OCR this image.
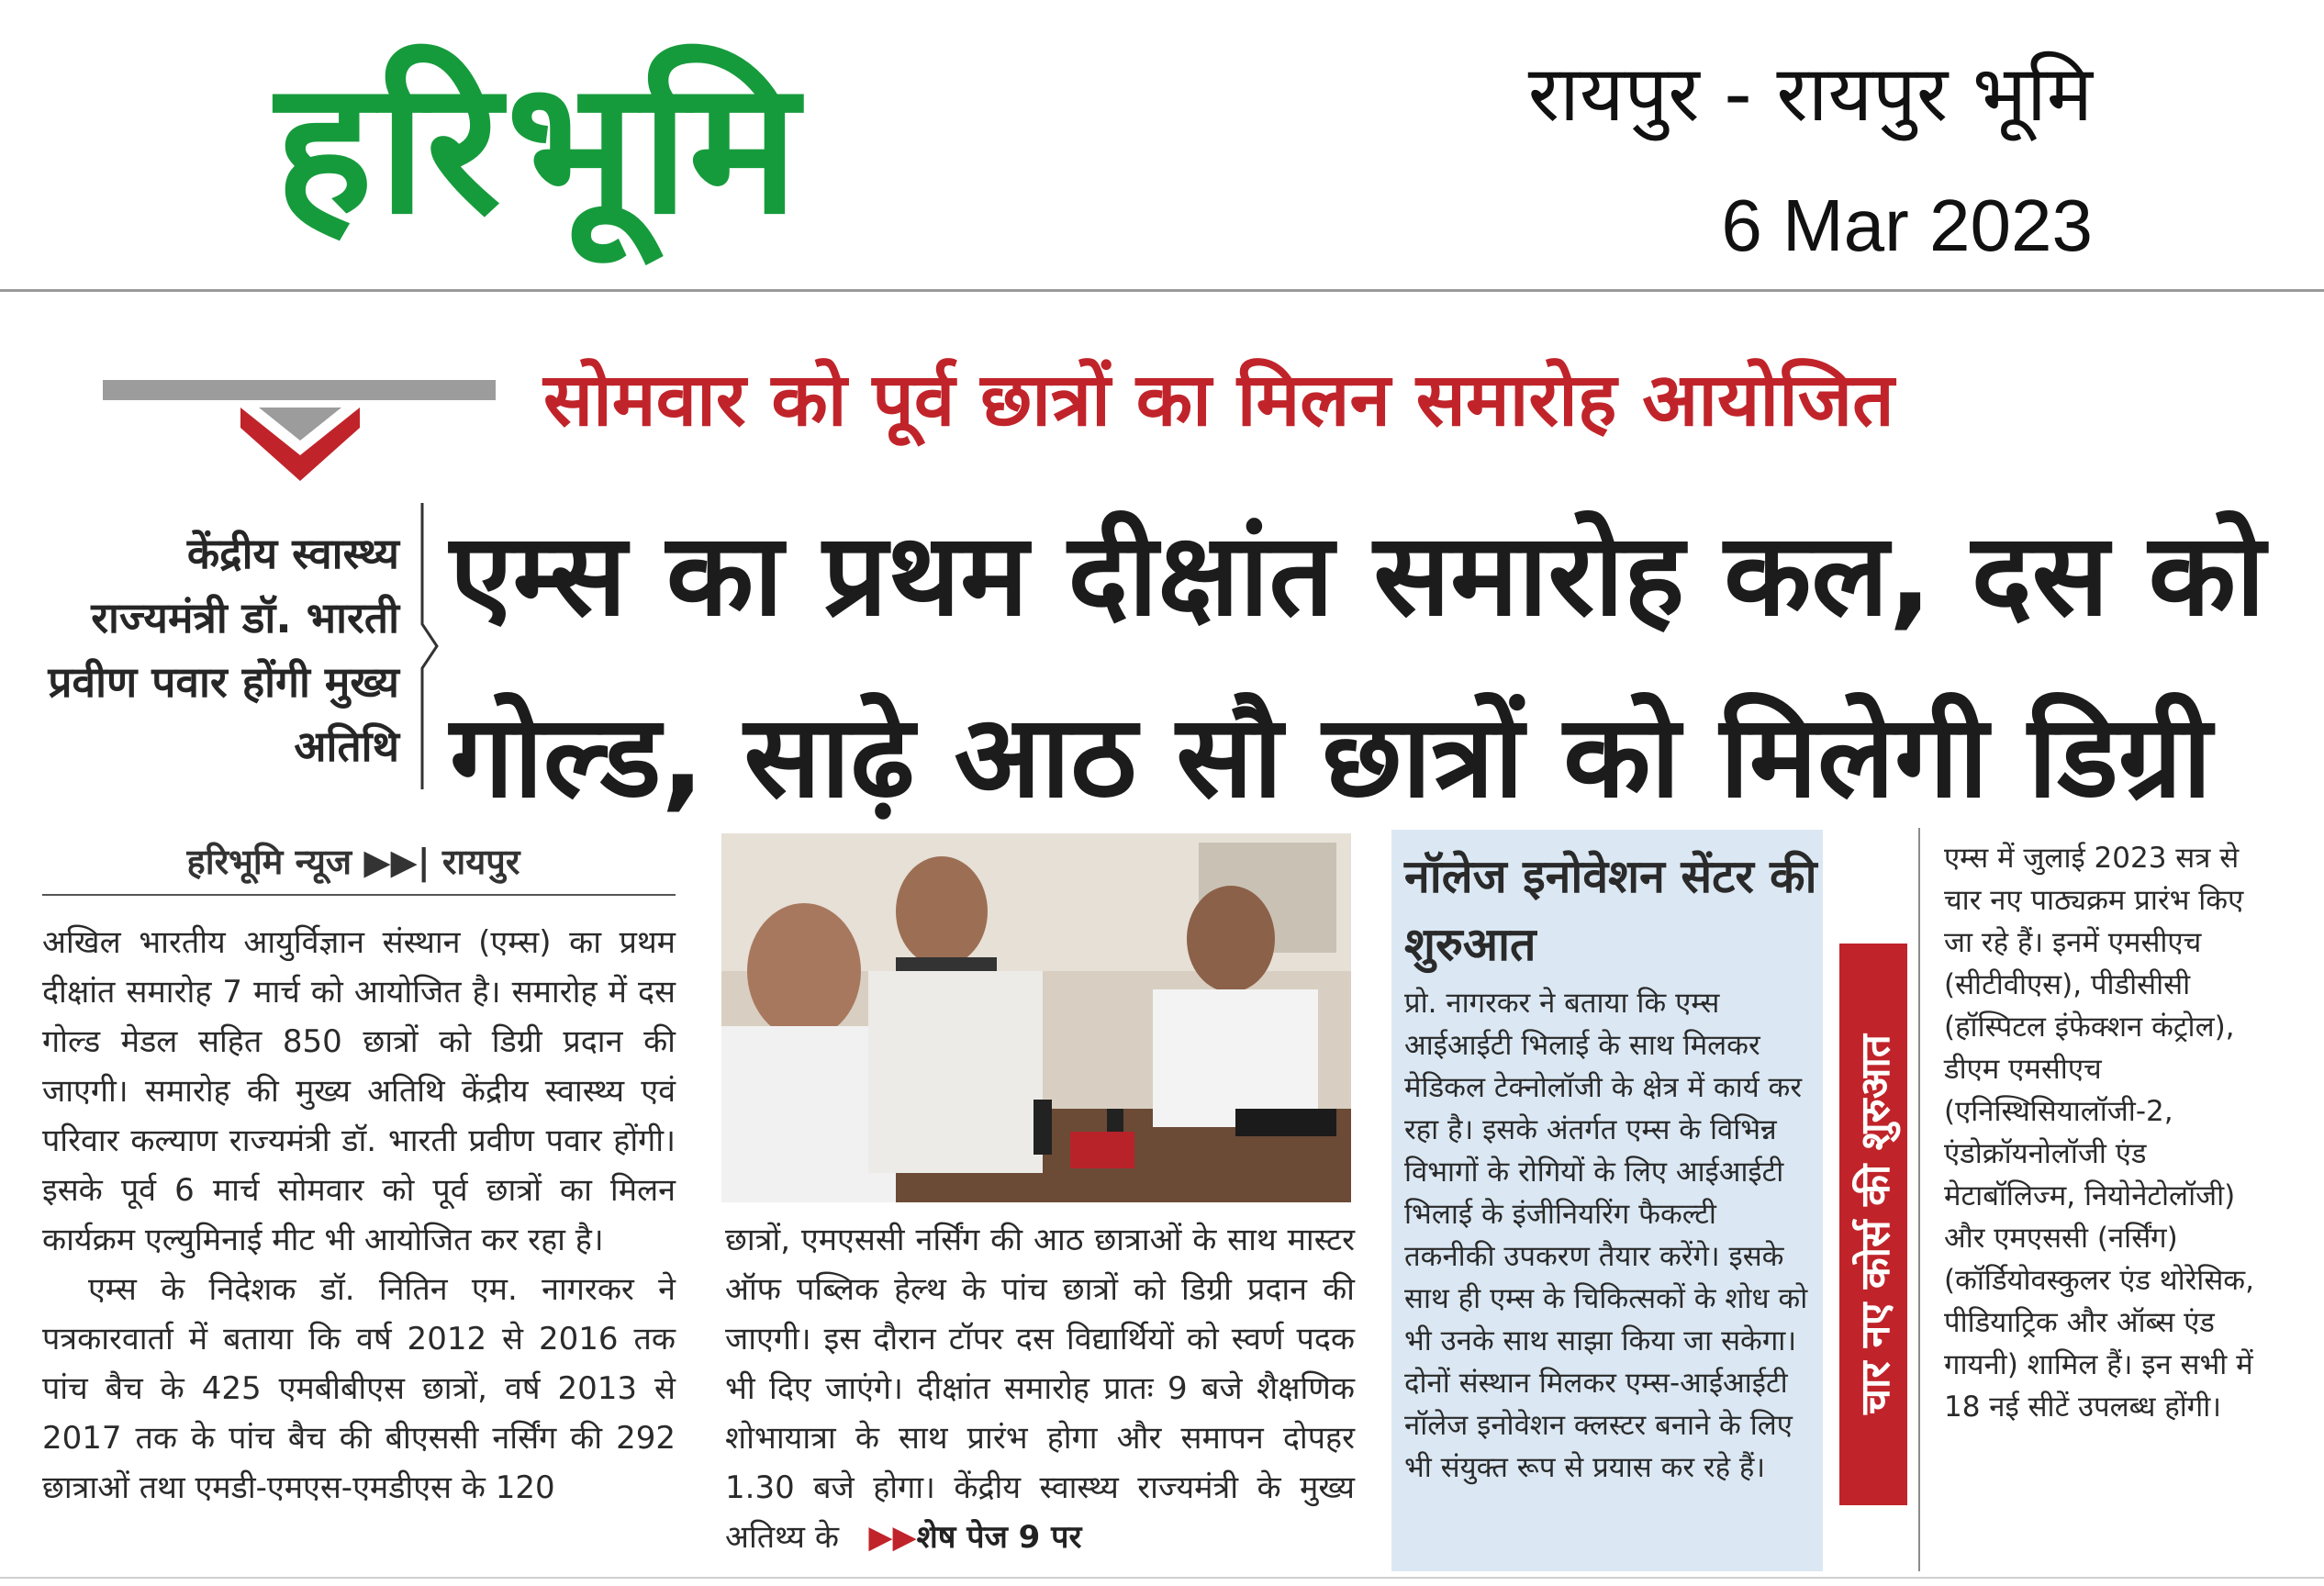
हरिभूमि	रायपुर - रायपुर भूमि
6 Mar 2023
सोमवार को पूर्व छात्रों का मिलन समारोह आयोजित
केंद्रीय स्वास्थ्य राज्यमंत्री डॉ. भारती प्रवीण पवार होंगी मुख्य अतिथि
एम्स का प्रथम दीक्षांत समारोह कल, दस को
गोल्ड, साढ़े आठ सौ छात्रों को मिलेगी डिग्री
हरिभूमि न्यूज ▶▶| रायपुर

अखिल भारतीय आयुर्विज्ञान संस्थान (एम्स) का प्रथम दीक्षांत समारोह 7 मार्च को आयोजित है। समारोह में दस गोल्ड मेडल सहित 850 छात्रों को डिग्री प्रदान की जाएगी। समारोह की मुख्य अतिथि केंद्रीय स्वास्थ्य एवं परिवार कल्याण राज्यमंत्री डॉ. भारती प्रवीण पवार होंगी। इसके पूर्व 6 मार्च सोमवार को पूर्व छात्रों का मिलन कार्यक्रम एल्युमिनाई मीट भी आयोजित कर रहा है।

एम्स के निदेशक डॉ. नितिन एम. नागरकर ने पत्रकारवार्ता में बताया कि वर्ष 2012 से 2016 तक पांच बैच के 425 एमबीबीएस छात्रों, वर्ष 2013 से 2017 तक के पांच बैच की बीएससी नर्सिंग की 292 छात्राओं तथा एमडी-एमएस-एमडीएस के 120

छात्रों, एमएससी नर्सिंग की आठ छात्राओं के साथ मास्टर ऑफ पब्लिक हेल्थ के पांच छात्रों को डिग्री प्रदान की जाएगी। इस दौरान टॉपर दस विद्यार्थियों को स्वर्ण पदक भी दिए जाएंगे। दीक्षांत समारोह प्रातः 9 बजे शैक्षणिक शोभायात्रा के साथ प्रारंभ होगा और समापन दोपहर 1.30 बजे होगा। केंद्रीय स्वास्थ्य राज्यमंत्री के मुख्य अतिथ्य के ▶▶शेष पेज 9 पर

नॉलेज इनोवेशन सेंटर की शुरुआत
प्रो. नागरकर ने बताया कि एम्स आईआईटी भिलाई के साथ मिलकर मेडिकल टेक्नोलॉजी के क्षेत्र में कार्य कर रहा है। इसके अंतर्गत एम्स के विभिन्न विभागों के रोगियों के लिए आईआईटी भिलाई के इंजीनियरिंग फैकल्टी तकनीकी उपकरण तैयार करेंगे। इसके साथ ही एम्स के चिकित्सकों के शोध को भी उनके साथ साझा किया जा सकेगा। दोनों संस्थान मिलकर एम्स-आईआईटी नॉलेज इनोवेशन क्लस्टर बनाने के लिए भी संयुक्त रूप से प्रयास कर रहे हैं।
चार नए कोर्स की शुरुआत
एम्स में जुलाई 2023 सत्र से चार नए पाठ्यक्रम प्रारंभ किए जा रहे हैं। इनमें एमसीएच (सीटीवीएस), पीडीसीसी (हॉस्पिटल इंफेक्शन कंट्रोल), डीएम एमसीएच (एनिस्थिसियालॉजी-2, एंडोक्रॉयनोलॉजी एंड मेटाबॉलिज्म, नियोनेटोलॉजी) और एमएससी (नर्सिंग) (कॉर्डियोवस्कुलर एंड थोरेसिक, पीडियाट्रिक और ऑब्स एंड गायनी) शामिल हैं। इन सभी में 18 नई सीटें उपलब्ध होंगी।
